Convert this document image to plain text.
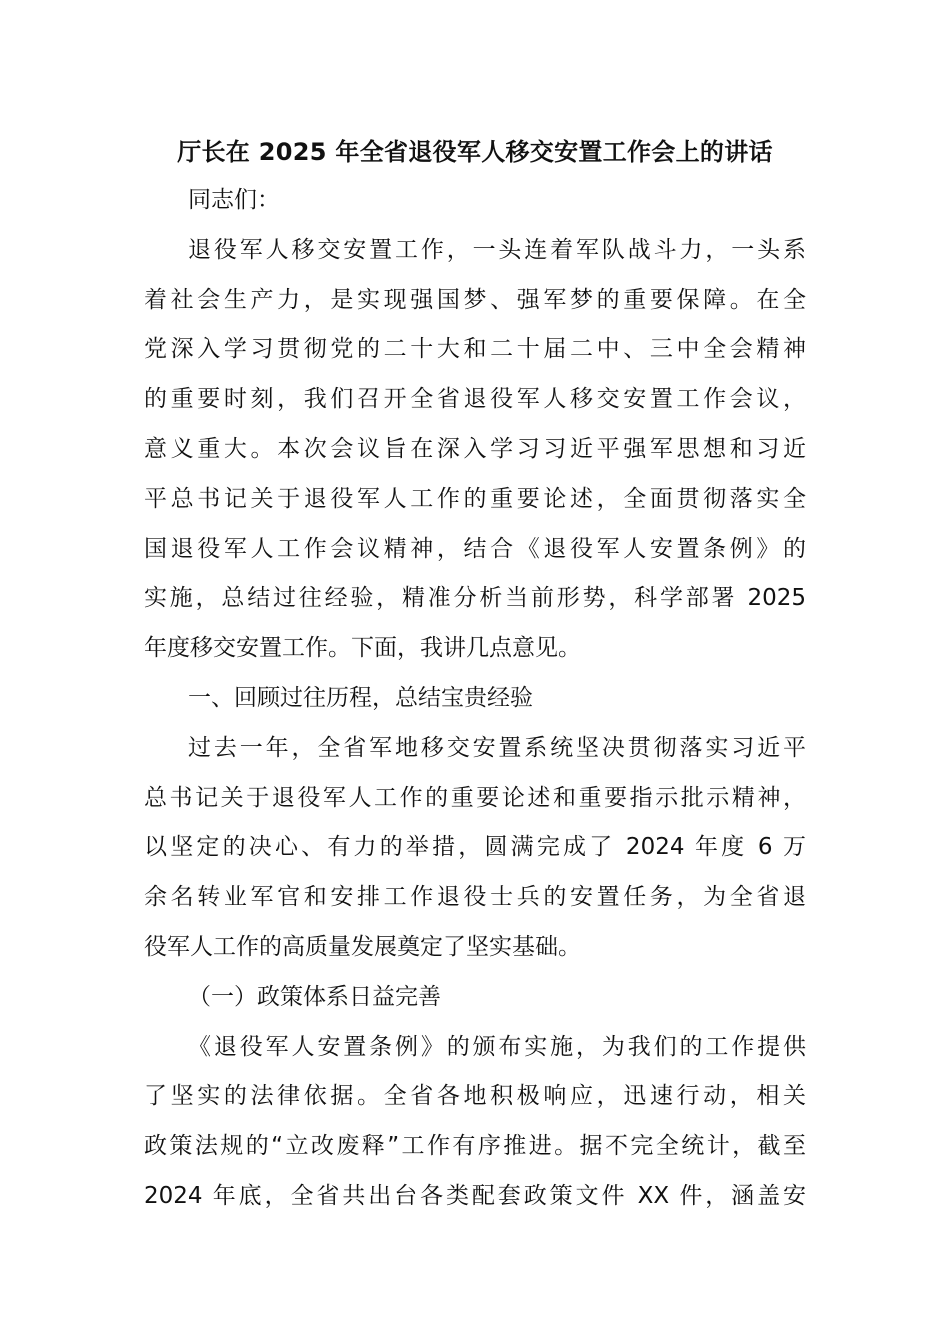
厅长在 2025 年全省退役军人移交安置工作会上的讲话
同志们：
退役军人移交安置工作，一头连着军队战斗力，一头系
着社会生产力，是实现强国梦、强军梦的重要保障。在全
党深入学习贯彻党的二十大和二十届二中、三中全会精神
的重要时刻，我们召开全省退役军人移交安置工作会议，
意义重大。本次会议旨在深入学习习近平强军思想和习近
平总书记关于退役军人工作的重要论述，全面贯彻落实全
国退役军人工作会议精神，结合《退役军人安置条例》的
实施，总结过往经验，精准分析当前形势，科学部署 2025
年度移交安置工作。下面，我讲几点意见。
一、回顾过往历程，总结宝贵经验
过去一年，全省军地移交安置系统坚决贯彻落实习近平
总书记关于退役军人工作的重要论述和重要指示批示精神，
以坚定的决心、有力的举措，圆满完成了 2024 年度 6 万
余名转业军官和安排工作退役士兵的安置任务，为全省退
役军人工作的高质量发展奠定了坚实基础。
（一）政策体系日益完善
《退役军人安置条例》的颁布实施，为我们的工作提供
了坚实的法律依据。全省各地积极响应，迅速行动，相关
政策法规的“立改废释”工作有序推进。据不完全统计，截至
2024 年底，全省共出台各类配套政策文件 XX 件，涵盖安
